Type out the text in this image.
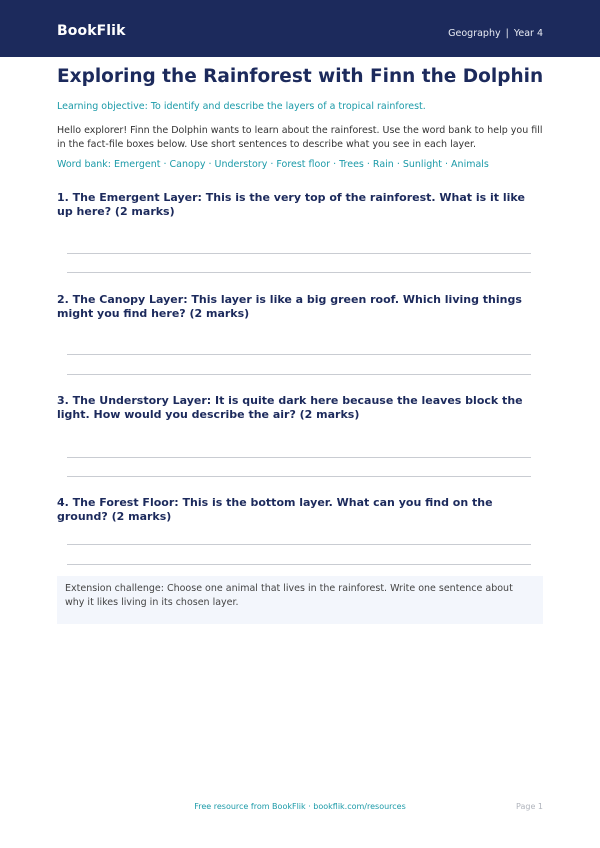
BookFlik	Geography | Year 4
Exploring the Rainforest with Finn the Dolphin
Learning objective: To identify and describe the layers of a tropical rainforest.
Hello explorer! Finn the Dolphin wants to learn about the rainforest. Use the word bank to help you fill in the fact-file boxes below. Use short sentences to describe what you see in each layer.
Word bank: Emergent · Canopy · Understory · Forest floor · Trees · Rain · Sunlight · Animals

1. The Emergent Layer: This is the very top of the rainforest. What is it like up here? (2 marks)

2. The Canopy Layer: This layer is like a big green roof. Which living things might you find here? (2 marks)

3. The Understory Layer: It is quite dark here because the leaves block the light. How would you describe the air? (2 marks)

4. The Forest Floor: This is the bottom layer. What can you find on the ground? (2 marks)

Extension challenge: Choose one animal that lives in the rainforest. Write one sentence about why it likes living in its chosen layer.
Free resource from BookFlik · bookflik.com/resources	Page 1
